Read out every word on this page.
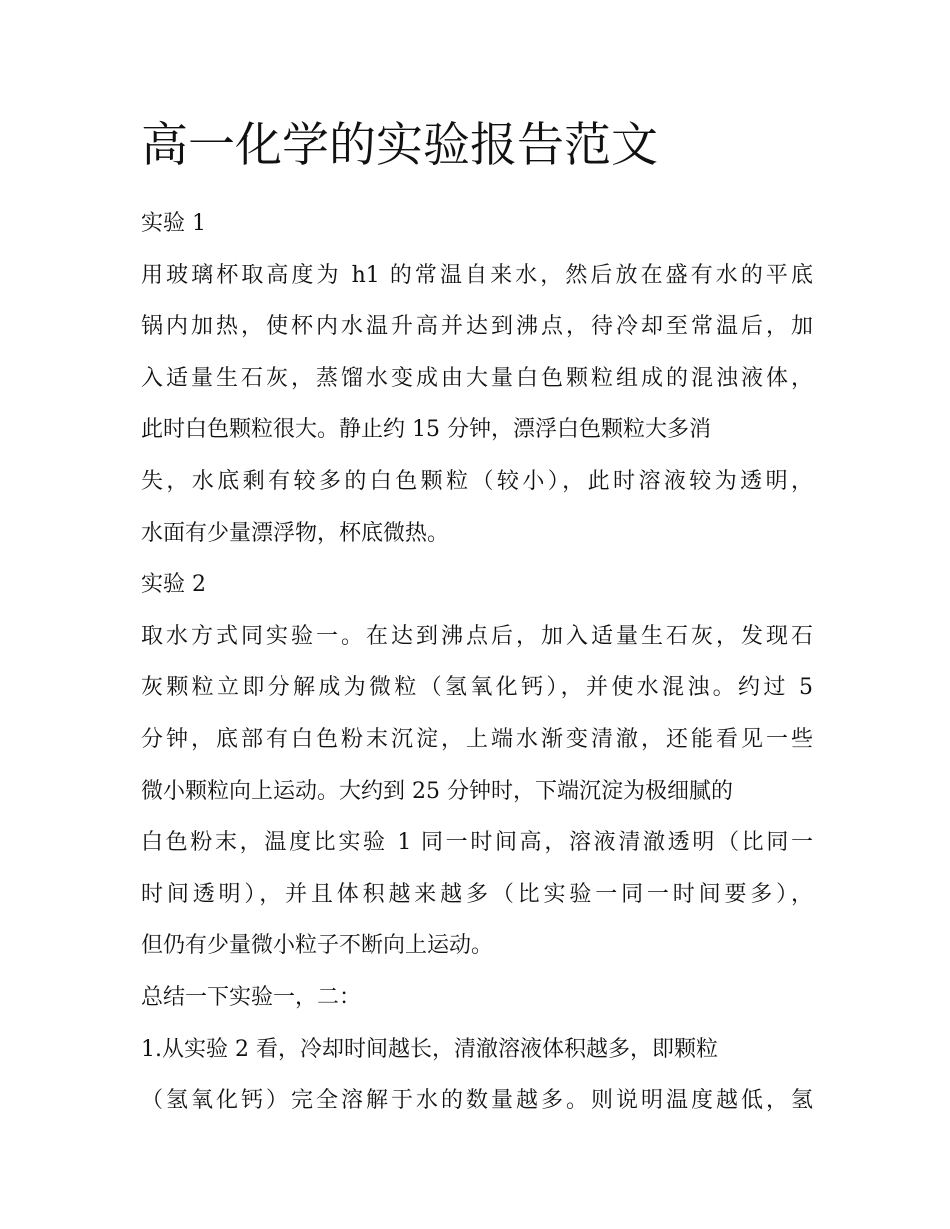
高一化学的实验报告范文
实验 1
用玻璃杯取高度为 h1 的常温自来水，然后放在盛有水的平底
锅内加热，使杯内水温升高并达到沸点，待冷却至常温后，加
入适量生石灰，蒸馏水变成由大量白色颗粒组成的混浊液体，
此时白色颗粒很大。静止约 15 分钟，漂浮白色颗粒大多消
失，水底剩有较多的白色颗粒（较小），此时溶液较为透明，
水面有少量漂浮物，杯底微热。
实验 2
取水方式同实验一。在达到沸点后，加入适量生石灰，发现石
灰颗粒立即分解成为微粒（氢氧化钙），并使水混浊。约过 5
分钟，底部有白色粉末沉淀，上端水渐变清澈，还能看见一些
微小颗粒向上运动。大约到 25 分钟时，下端沉淀为极细腻的
白色粉末，温度比实验 1 同一时间高，溶液清澈透明（比同一
时间透明），并且体积越来越多（比实验一同一时间要多），
但仍有少量微小粒子不断向上运动。
总结一下实验一，二：
1.从实验 2 看，冷却时间越长，清澈溶液体积越多，即颗粒
（氢氧化钙）完全溶解于水的数量越多。则说明温度越低，氢
